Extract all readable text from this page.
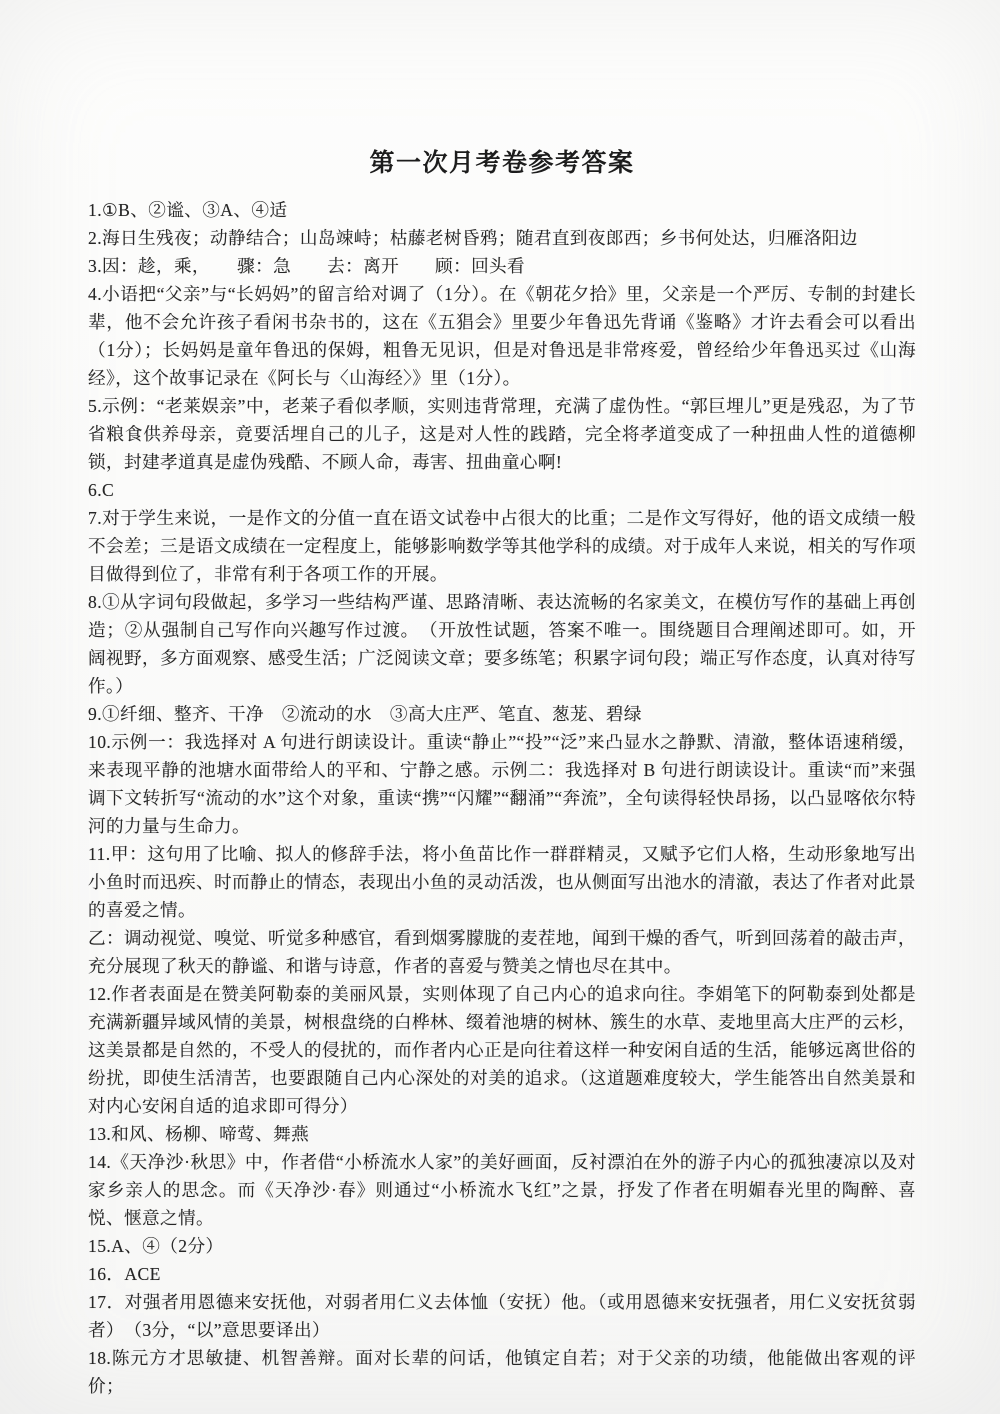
第一次月考卷参考答案

1.①B、②谧、③A、④适

2.海日生残夜；动静结合；山岛竦峙；枯藤老树昏鸦；随君直到夜郎西；乡书何处达，归雁洛阳边

3.因：趁，乘，　　骤：急　　去：离开　　顾：回头看

4.小语把“父亲”与“长妈妈”的留言给对调了（1分）。在《朝花夕拾》里，父亲是一个严厉、专制的封建长辈，他不会允许孩子看闲书杂书的，这在《五猖会》里要少年鲁迅先背诵《鉴略》才许去看会可以看出（1分）；长妈妈是童年鲁迅的保姆，粗鲁无见识，但是对鲁迅是非常疼爱，曾经给少年鲁迅买过《山海经》，这个故事记录在《阿长与〈山海经〉》里（1分）。

5.示例：“老莱娱亲”中，老莱子看似孝顺，实则违背常理，充满了虚伪性。“郭巨埋儿”更是残忍，为了节省粮食供养母亲，竟要活埋自己的儿子，这是对人性的践踏，完全将孝道变成了一种扭曲人性的道德柳锁，封建孝道真是虚伪残酷、不顾人命，毒害、扭曲童心啊!

6.C

7.对于学生来说，一是作文的分值一直在语文试卷中占很大的比重；二是作文写得好，他的语文成绩一般不会差；三是语文成绩在一定程度上，能够影响数学等其他学科的成绩。对于成年人来说，相关的写作项目做得到位了，非常有利于各项工作的开展。

8.①从字词句段做起，多学习一些结构严谨、思路清晰、表达流畅的名家美文，在模仿写作的基础上再创造；②从强制自己写作向兴趣写作过渡。　（开放性试题，答案不唯一。围绕题目合理阐述即可。如，开阔视野，多方面观察、感受生活；广泛阅读文章；要多练笔；积累字词句段；端正写作态度，认真对待写作。）

9.①纤细、整齐、干净　②流动的水　③高大庄严、笔直、葱茏、碧绿

10.示例一：我选择对 A 句进行朗读设计。重读“静止”“投”“泛”来凸显水之静默、清澈，整体语速稍缓，来表现平静的池塘水面带给人的平和、宁静之感。示例二：我选择对 B 句进行朗读设计。重读“而”来强调下文转折写“流动的水”这个对象，重读“携”“闪耀”“翻涌”“奔流”，全句读得轻快昂扬，以凸显喀依尔特河的力量与生命力。

11.甲：这句用了比喻、拟人的修辞手法，将小鱼苗比作一群群精灵，又赋予它们人格，生动形象地写出小鱼时而迅疾、时而静止的情态，表现出小鱼的灵动活泼，也从侧面写出池水的清澈，表达了作者对此景的喜爱之情。

乙：调动视觉、嗅觉、听觉多种感官，看到烟雾朦胧的麦茬地，闻到干燥的香气，听到回荡着的敲击声，充分展现了秋天的静谧、和谐与诗意，作者的喜爱与赞美之情也尽在其中。

12.作者表面是在赞美阿勒泰的美丽风景，实则体现了自己内心的追求向往。李娟笔下的阿勒泰到处都是充满新疆异域风情的美景，树根盘绕的白桦林、缀着池塘的树林、簇生的水草、麦地里高大庄严的云杉，这美景都是自然的，不受人的侵扰的，而作者内心正是向往着这样一种安闲自适的生活，能够远离世俗的纷扰，即使生活清苦，也要跟随自己内心深处的对美的追求。（这道题难度较大，学生能答出自然美景和对内心安闲自适的追求即可得分）

13.和风、杨柳、啼莺、舞燕

14.《天净沙·秋思》中，作者借“小桥流水人家”的美好画面，反衬漂泊在外的游子内心的孤独凄凉以及对家乡亲人的思念。而《天净沙·春》则通过“小桥流水飞红”之景，抒发了作者在明媚春光里的陶醉、喜悦、惬意之情。

15.A、④（2分）

16．ACE

17．对强者用恩德来安抚他，对弱者用仁义去体恤（安抚）他。（或用恩德来安抚强者，用仁义安抚贫弱者）　（3分，“以”意思要译出）

18.陈元方才思敏捷、机智善辩。面对长辈的问话，他镇定自若；对于父亲的功绩，他能做出客观的评价；
